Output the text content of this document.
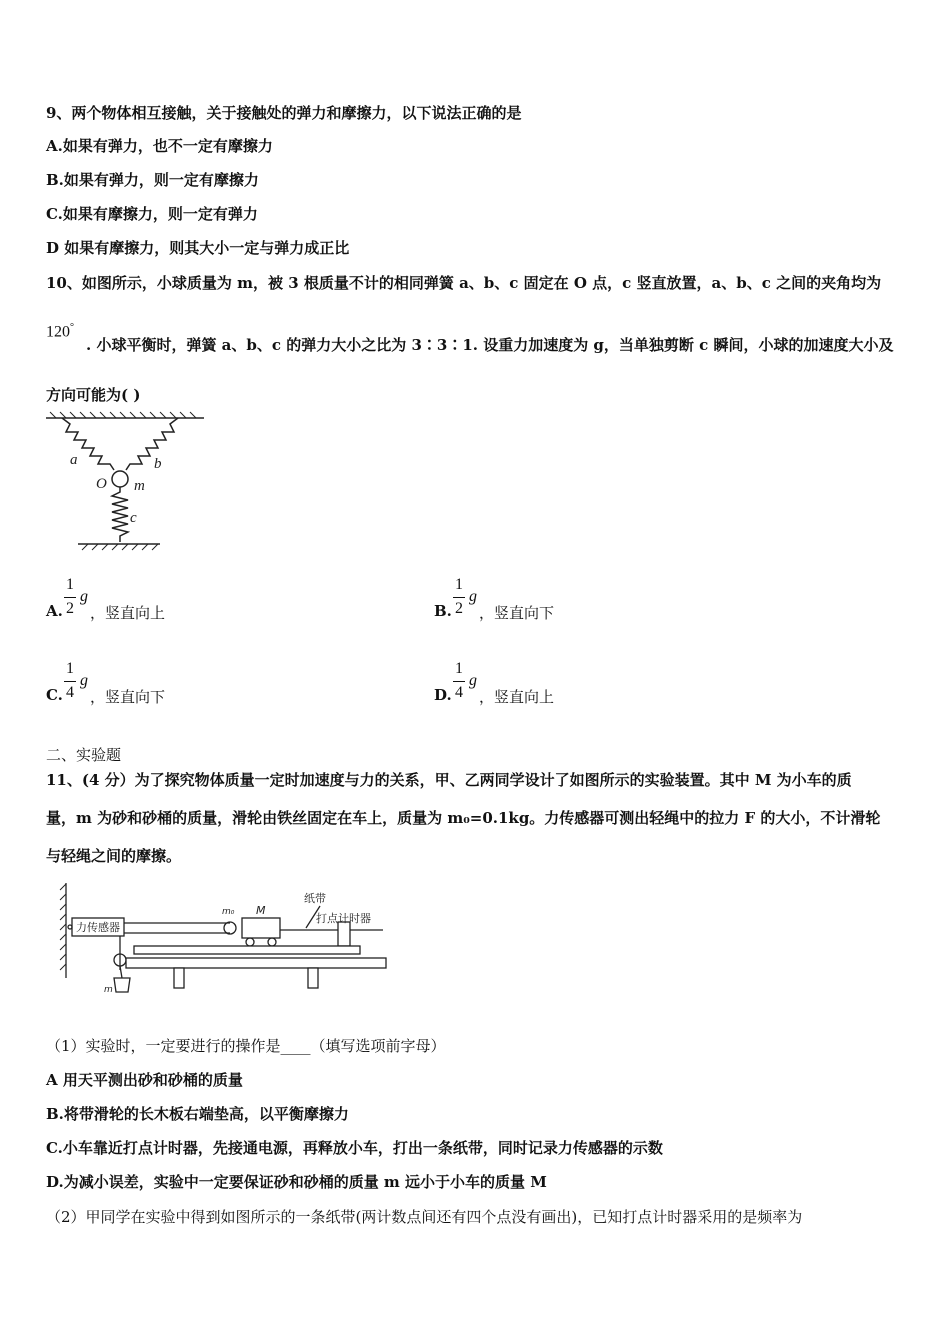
9、两个物体相互接触，关于接触处的弹力和摩擦力，以下说法正确的是
A.如果有弹力，也不一定有摩擦力
B.如果有弹力，则一定有摩擦力
C.如果有摩擦力，则一定有弹力
D 如果有摩擦力，则其大小一定与弹力成正比
10、如图所示，小球质量为 m，被 3 根质量不计的相同弹簧 a、b、c 固定在 O 点，c 竖直放置，a、b、c 之间的夹角均为
120°
. 小球平衡时，弹簧 a、b、c 的弹力大小之比为 3∶3∶1. 设重力加速度为 g，当单独剪断 c 瞬间，小球的加速度大小及
方向可能为( )
a	b
O m
c
A.
1
2
g
，竖直向上	B.
1
2
g
，竖直向下
C.
1
4
g
，竖直向下	D.
1
4
g
，竖直向上
二、实验题
11、(4 分）为了探究物体质量一定时加速度与力的关系，甲、乙两同学设计了如图所示的实验装置。其中 M 为小车的质
量，m 为砂和砂桶的质量，滑轮由铁丝固定在车上，质量为 m₀=0.1kg。力传感器可测出轻绳中的拉力 F 的大小，不计滑轮
与轻绳之间的摩擦。
力传感器
m₀ M
纸带
打点计时器
m
（1）实验时，一定要进行的操作是____（填写选项前字母）
A 用天平测出砂和砂桶的质量
B.将带滑轮的长木板右端垫高，以平衡摩擦力
C.小车靠近打点计时器，先接通电源，再释放小车，打出一条纸带，同时记录力传感器的示数
D.为减小误差，实验中一定要保证砂和砂桶的质量 m 远小于小车的质量 M
（2）甲同学在实验中得到如图所示的一条纸带(两计数点间还有四个点没有画出)，已知打点计时器采用的是频率为
